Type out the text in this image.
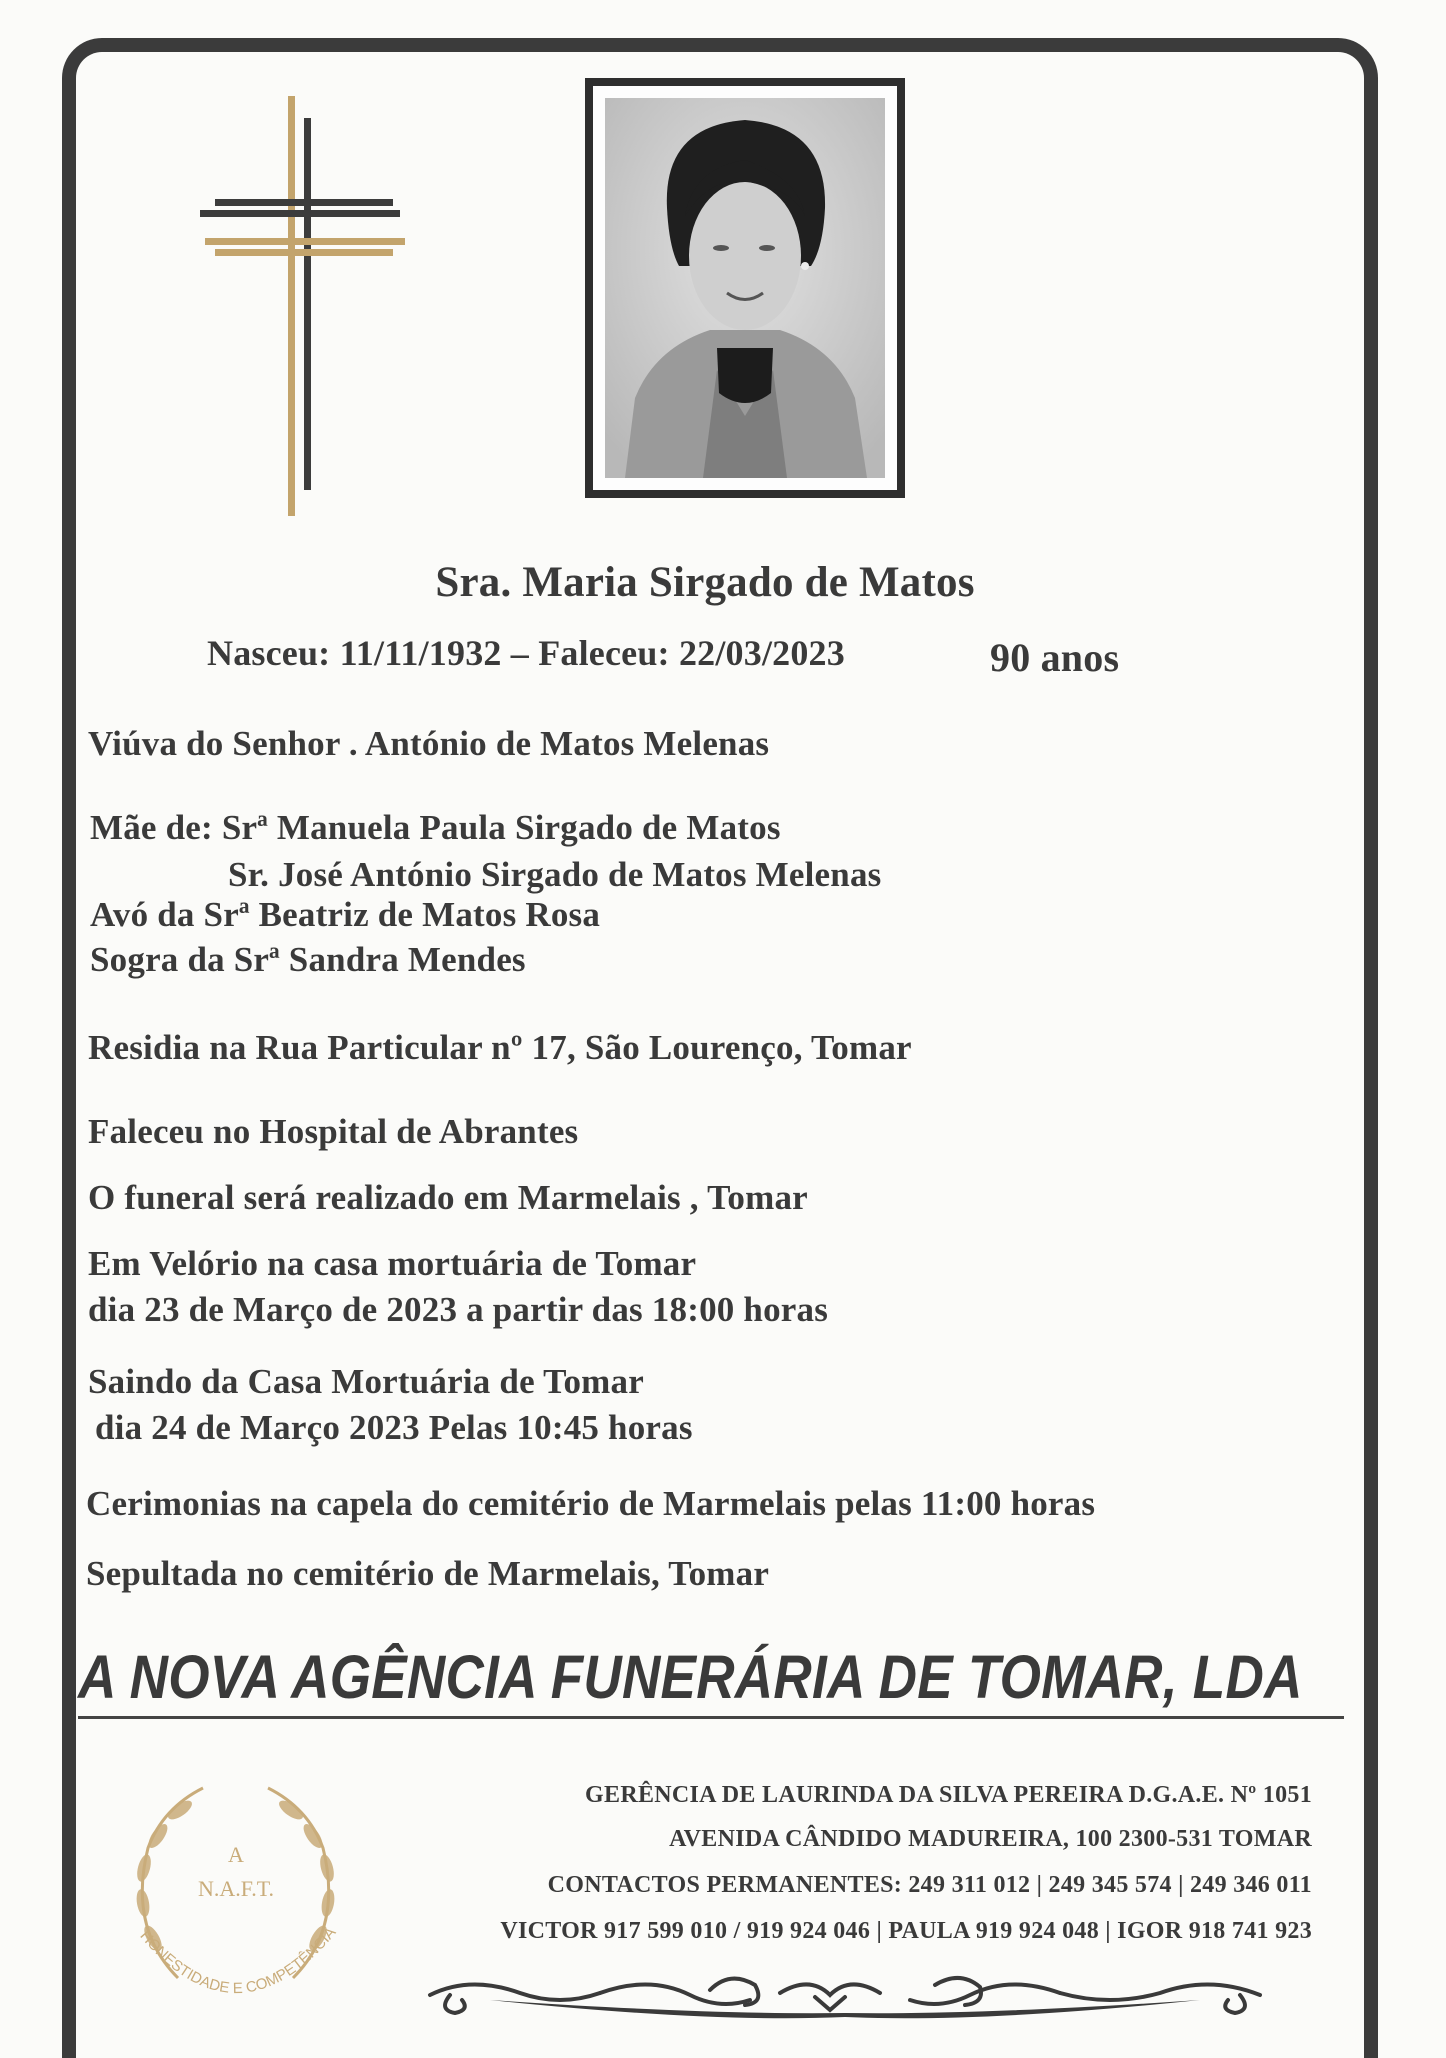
Sra. Maria Sirgado de Matos
Nasceu: 11/11/1932 – Faleceu: 22/03/2023	90 anos
Viúva do Senhor . António de Matos Melenas
Mãe de: Srª Manuela Paula Sirgado de Matos
Sr. José António Sirgado de Matos Melenas
Avó da Srª Beatriz de Matos Rosa
Sogra da Srª Sandra Mendes
Residia na Rua Particular nº 17, São Lourenço, Tomar
Faleceu no Hospital de Abrantes
O funeral será realizado em Marmelais , Tomar
Em Velório na casa mortuária de Tomar
dia 23 de Março de 2023 a partir das 18:00 horas
Saindo da Casa Mortuária de Tomar
dia 24 de Março 2023 Pelas 10:45 horas
Cerimonias na capela do cemitério de Marmelais pelas 11:00 horas
Sepultada no cemitério de Marmelais, Tomar
A NOVA AGÊNCIA FUNERÁRIA DE TOMAR, LDA
A
N.A.F.T.
HONESTIDADE E COMPETÊNCIA
GERÊNCIA DE LAURINDA DA SILVA PEREIRA D.G.A.E. Nº 1051
AVENIDA CÂNDIDO MADUREIRA, 100 2300-531 TOMAR
CONTACTOS PERMANENTES: 249 311 012 | 249 345 574 | 249 346 011
VICTOR 917 599 010 / 919 924 046 | PAULA 919 924 048 | IGOR 918 741 923
